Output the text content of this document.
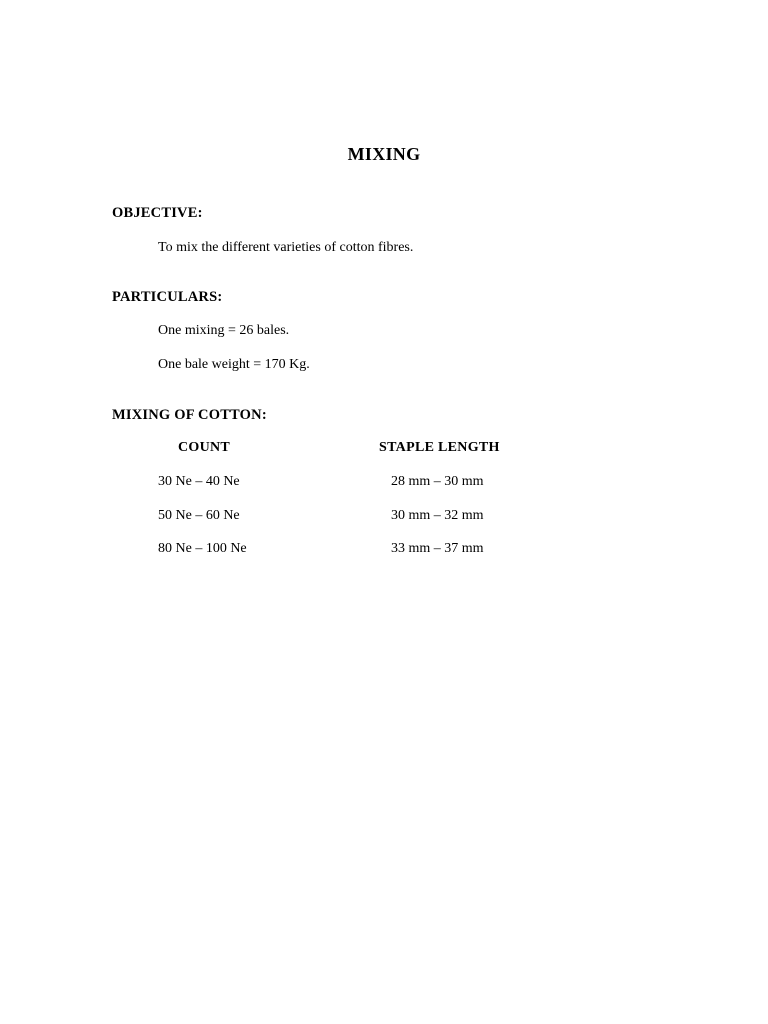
MIXING
OBJECTIVE:
To mix the different varieties of cotton fibres.
PARTICULARS:
One mixing = 26 bales.
One bale weight = 170 Kg.
MIXING OF COTTON:
COUNT	STAPLE LENGTH
30 Ne – 40 Ne	28 mm – 30 mm
50 Ne – 60 Ne	30 mm – 32 mm
80 Ne – 100 Ne	33 mm – 37 mm
